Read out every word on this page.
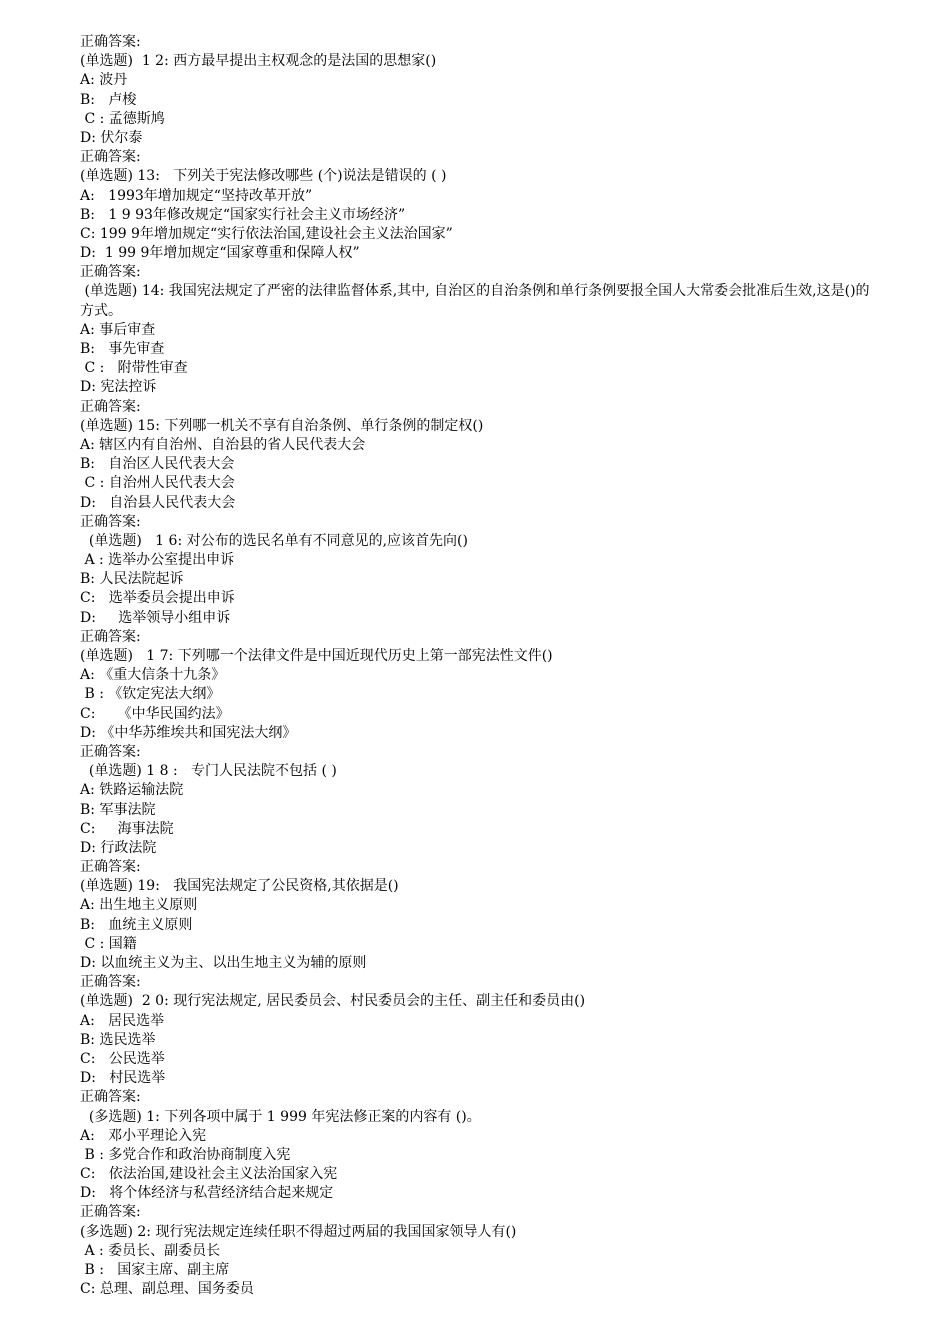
正确答案:
(单选题)  1 2: 西方最早提出主权观念的是法国的思想家()
A: 波丹
B:   卢梭
C : 孟德斯鸠
D: 伏尔泰
正确答案:
(单选题) 13:   下列关于宪法修改哪些 (个)说法是错误的 ( )
A:   1993年增加规定“坚持改革开放”
B:   1 9 93年修改规定“国家实行社会主义市场经济”
C: 199 9年增加规定“实行依法治国,建设社会主义法治国家”
D:  1 99 9年增加规定“国家尊重和保障人权”
正确答案:
(单选题) 14: 我国宪法规定了严密的法律监督体系,其中, 自治区的自治条例和单行条例要报全国人大常委会批准后生效,这是()的方式。
A: 事后审查
B:   事先审查
C :   附带性审查
D: 宪法控诉
正确答案:
(单选题) 15: 下列哪一机关不享有自治条例、单行条例的制定权()
A: 辖区内有自治州、自治县的省人民代表大会
B:   自治区人民代表大会
C : 自治州人民代表大会
D:   自治县人民代表大会
正确答案:
(单选题)   1 6: 对公布的选民名单有不同意见的,应该首先向()
A : 选举办公室提出申诉
B: 人民法院起诉
C:   选举委员会提出申诉
D:     选举领导小组申诉
正确答案:
(单选题)   1 7: 下列哪一个法律文件是中国近现代历史上第一部宪法性文件()
A: 《重大信条十九条》
B : 《钦定宪法大纲》
C:     《中华民国约法》
D: 《中华苏维埃共和国宪法大纲》
正确答案:
(单选题) 1 8 :   专门人民法院不包括 ( )
A: 铁路运输法院
B: 军事法院
C:     海事法院
D: 行政法院
正确答案:
(单选题) 19:   我国宪法规定了公民资格,其依据是()
A: 出生地主义原则
B:   血统主义原则
C : 国籍
D: 以血统主义为主、以出生地主义为辅的原则
正确答案:
(单选题)  2 0: 现行宪法规定, 居民委员会、村民委员会的主任、副主任和委员由()
A:   居民选举
B: 选民选举
C:   公民选举
D:   村民选举
正确答案:
(多选题) 1: 下列各项中属于 1 999 年宪法修正案的内容有 ()。
A:   邓小平理论入宪
B : 多党合作和政治协商制度入宪
C:   依法治国,建设社会主义法治国家入宪
D:   将个体经济与私营经济结合起来规定
正确答案:
(多选题) 2: 现行宪法规定连续任职不得超过两届的我国国家领导人有()
A : 委员长、副委员长
B :   国家主席、副主席
C: 总理、副总理、国务委员
